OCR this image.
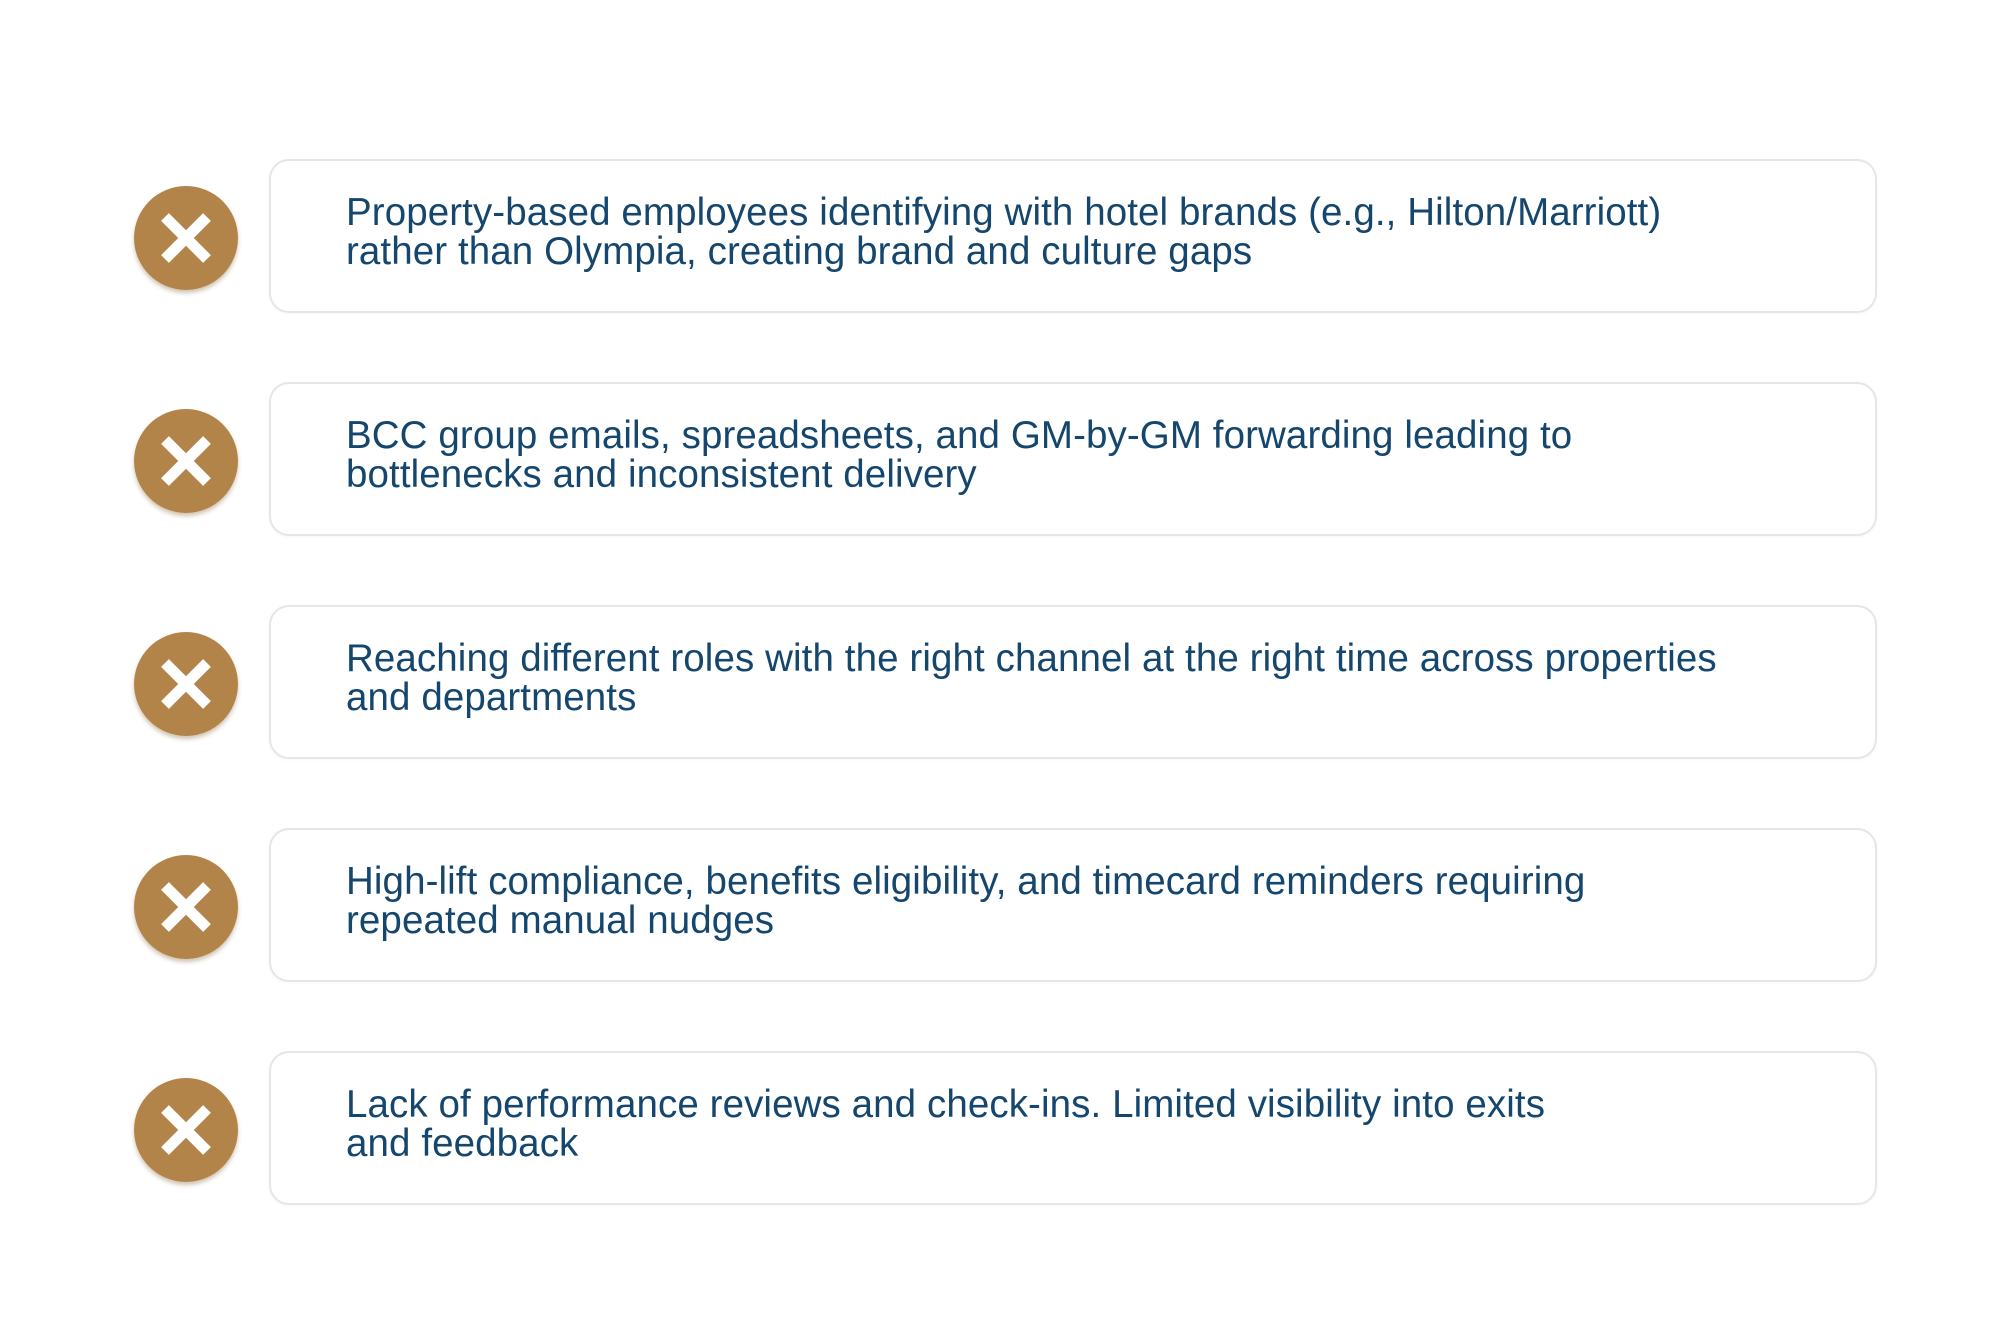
Property-based employees identifying with hotel brands (e.g., Hilton/Marriott)
rather than Olympia, creating brand and culture gaps

BCC group emails, spreadsheets, and GM-by-GM forwarding leading to
bottlenecks and inconsistent delivery

Reaching different roles with the right channel at the right time across properties
and departments

High-lift compliance, benefits eligibility, and timecard reminders requiring
repeated manual nudges

Lack of performance reviews and check-ins. Limited visibility into exits
and feedback
